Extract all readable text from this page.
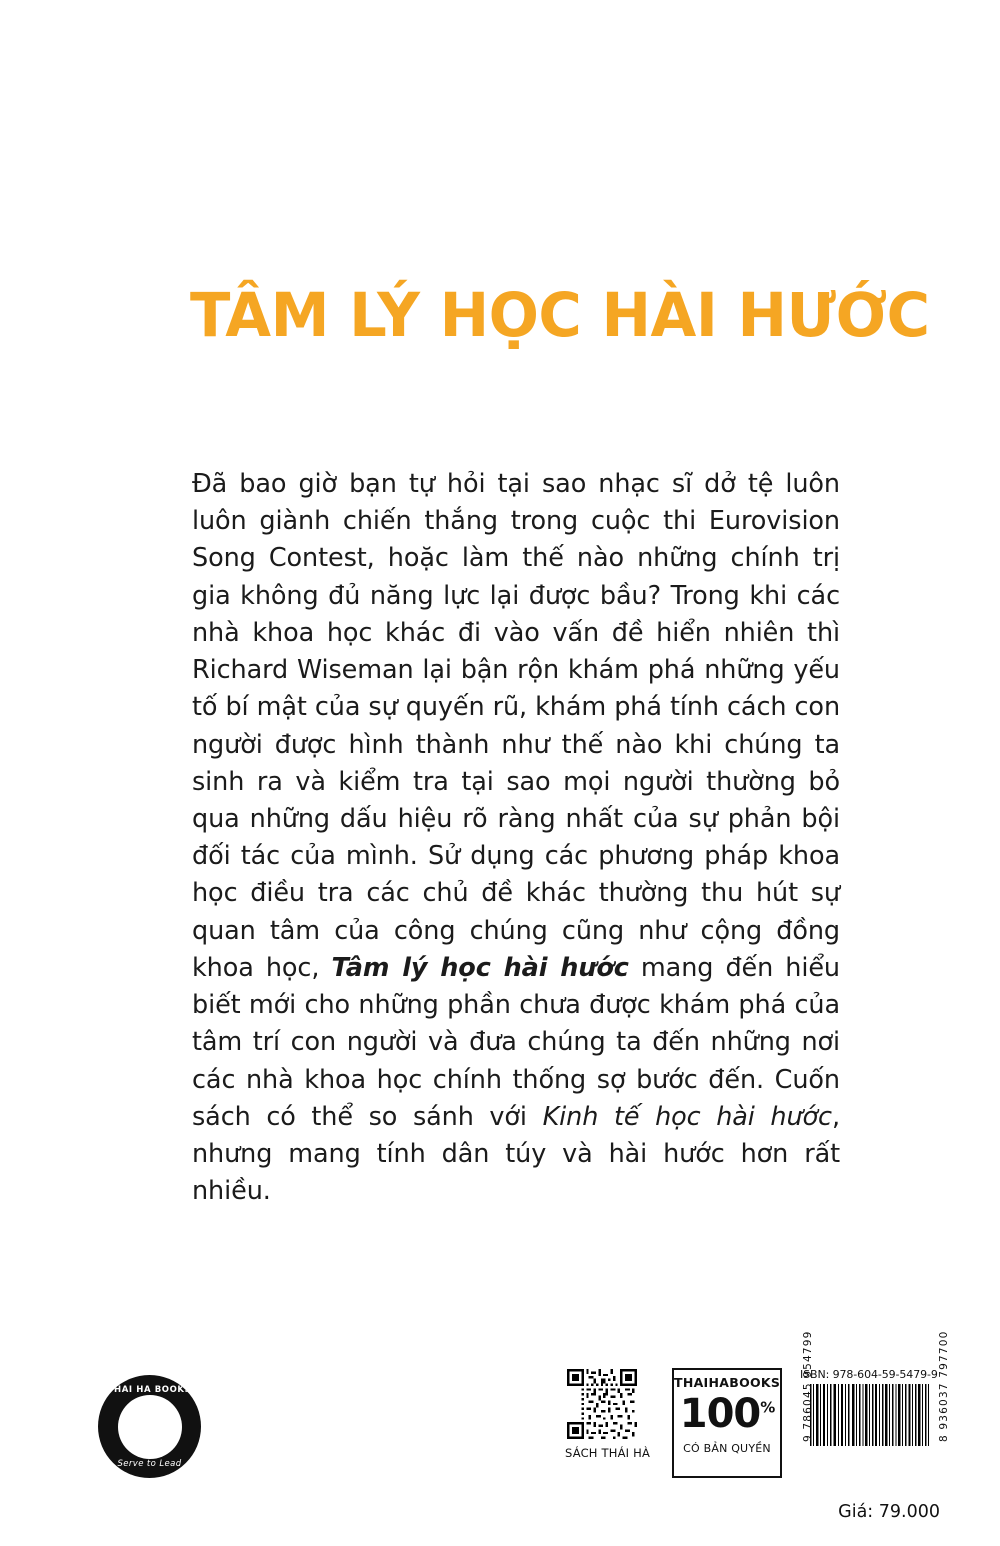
TÂM LÝ HỌC HÀI HƯỚC
Đã bao giờ bạn tự hỏi tại sao nhạc sĩ dở tệ luôn luôn giành chiến thắng trong cuộc thi Eurovision Song Contest, hoặc làm thế nào những chính trị gia không đủ năng lực lại được bầu? Trong khi các nhà khoa học khác đi vào vấn đề hiển nhiên thì Richard Wiseman lại bận rộn khám phá những yếu tố bí mật của sự quyến rũ, khám phá tính cách con người được hình thành như thế nào khi chúng ta sinh ra và kiểm tra tại sao mọi người thường bỏ qua những dấu hiệu rõ ràng nhất của sự phản bội đối tác của mình. Sử dụng các phương pháp khoa học điều tra các chủ đề khác thường thu hút sự quan tâm của công chúng cũng như cộng đồng khoa học, Tâm lý học hài hước mang đến hiểu biết mới cho những phần chưa được khám phá của tâm trí con người và đưa chúng ta đến những nơi các nhà khoa học chính thống sợ bước đến. Cuốn sách có thể so sánh với Kinh tế học hài hước, nhưng mang tính dân túy và hài hước hơn rất nhiều.
THAI HA BOOKS
Serve to Lead
SÁCH THÁI HÀ
THAIHABOOKS
100%
CÓ BẢN QUYỀN
ISBN: 978-604-59-5479-9
9 786045 954799	8 936037 797700
Giá: 79.000
